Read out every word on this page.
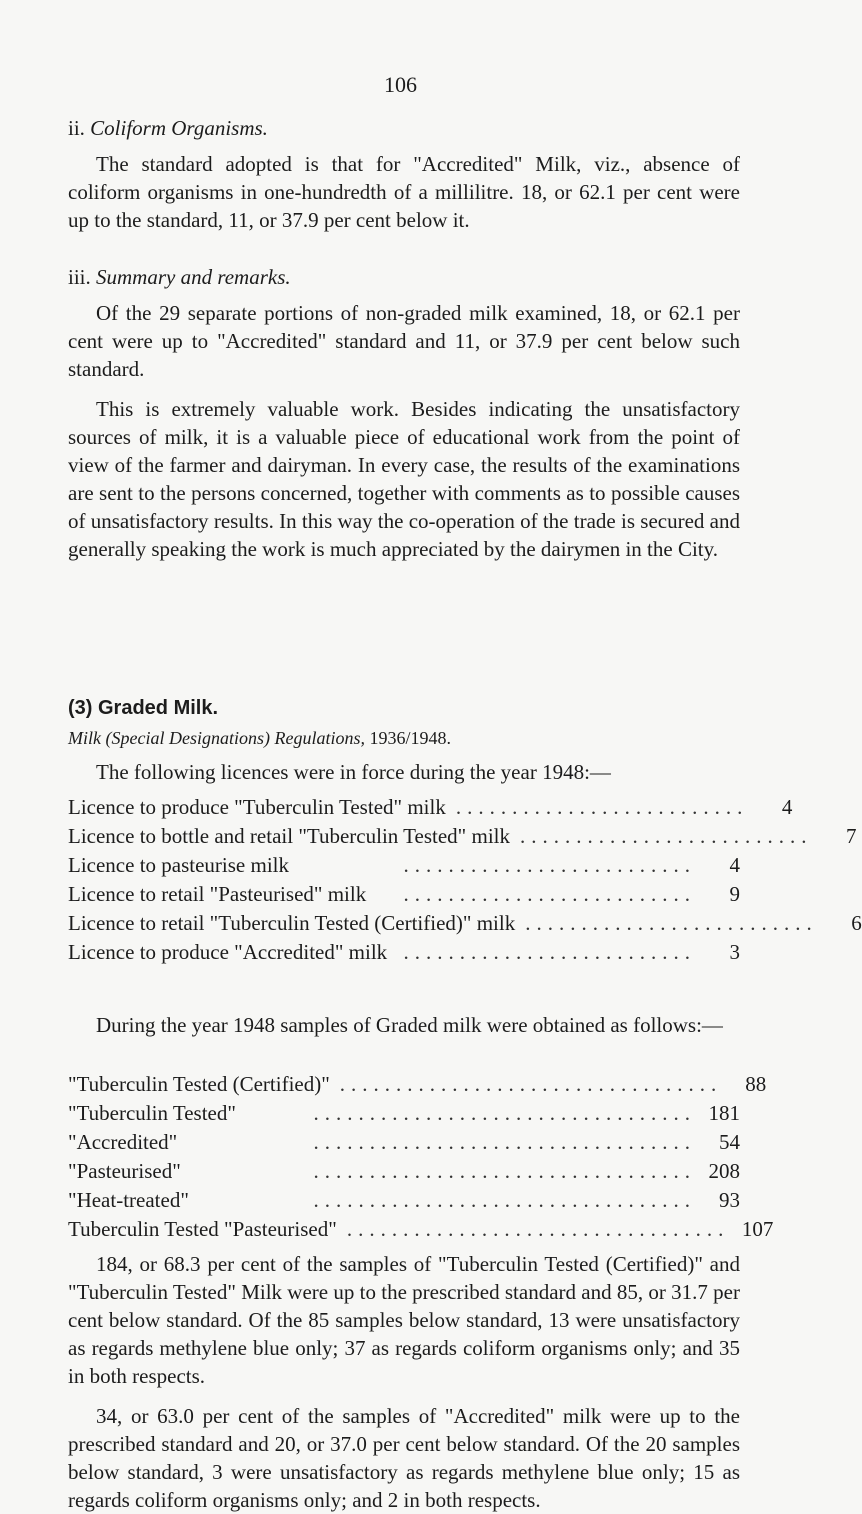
106
ii. Coliform Organisms.

The standard adopted is that for "Accredited" Milk, viz., absence of coliform organisms in one-hundredth of a millilitre. 18, or 62.1 per cent were up to the standard, 11, or 37.9 per cent below it.

iii. Summary and remarks.

Of the 29 separate portions of non-graded milk examined, 18, or 62.1 per cent were up to "Accredited" standard and 11, or 37.9 per cent below such standard.

This is extremely valuable work. Besides indicating the unsatisfactory sources of milk, it is a valuable piece of educational work from the point of view of the farmer and dairyman. In every case, the results of the examinations are sent to the persons concerned, together with comments as to possible causes of unsatisfactory results. In this way the co-operation of the trade is secured and generally speaking the work is much appreciated by the dairymen in the City.

(3) Graded Milk.
Milk (Special Designations) Regulations, 1936/1948.

The following licences were in force during the year 1948:—

Licence to produce "Tuberculin Tested" milk ..........................	4
Licence to bottle and retail "Tuberculin Tested" milk ..........................	7
Licence to pasteurise milk	..........................	4
Licence to retail "Pasteurised" milk	..........................	9
Licence to retail "Tuberculin Tested (Certified)" milk ..........................	6
Licence to produce "Accredited" milk ..........................	3

During the year 1948 samples of Graded milk were obtained as follows:—

"Tuberculin Tested (Certified)" ..................................	88
"Tuberculin Tested"	.................................. 181
"Accredited"	..................................	54
"Pasteurised"	.................................. 208
"Heat-treated"	..................................	93
Tuberculin Tested "Pasteurised" .................................. 107

184, or 68.3 per cent of the samples of "Tuberculin Tested (Certified)" and "Tuberculin Tested" Milk were up to the prescribed standard and 85, or 31.7 per cent below standard. Of the 85 samples below standard, 13 were unsatisfactory as regards methylene blue only; 37 as regards coliform organisms only; and 35 in both respects.

34, or 63.0 per cent of the samples of "Accredited" milk were up to the prescribed standard and 20, or 37.0 per cent below standard. Of the 20 samples below standard, 3 were unsatisfactory as regards methylene blue only; 15 as regards coliform organisms only; and 2 in both respects.
